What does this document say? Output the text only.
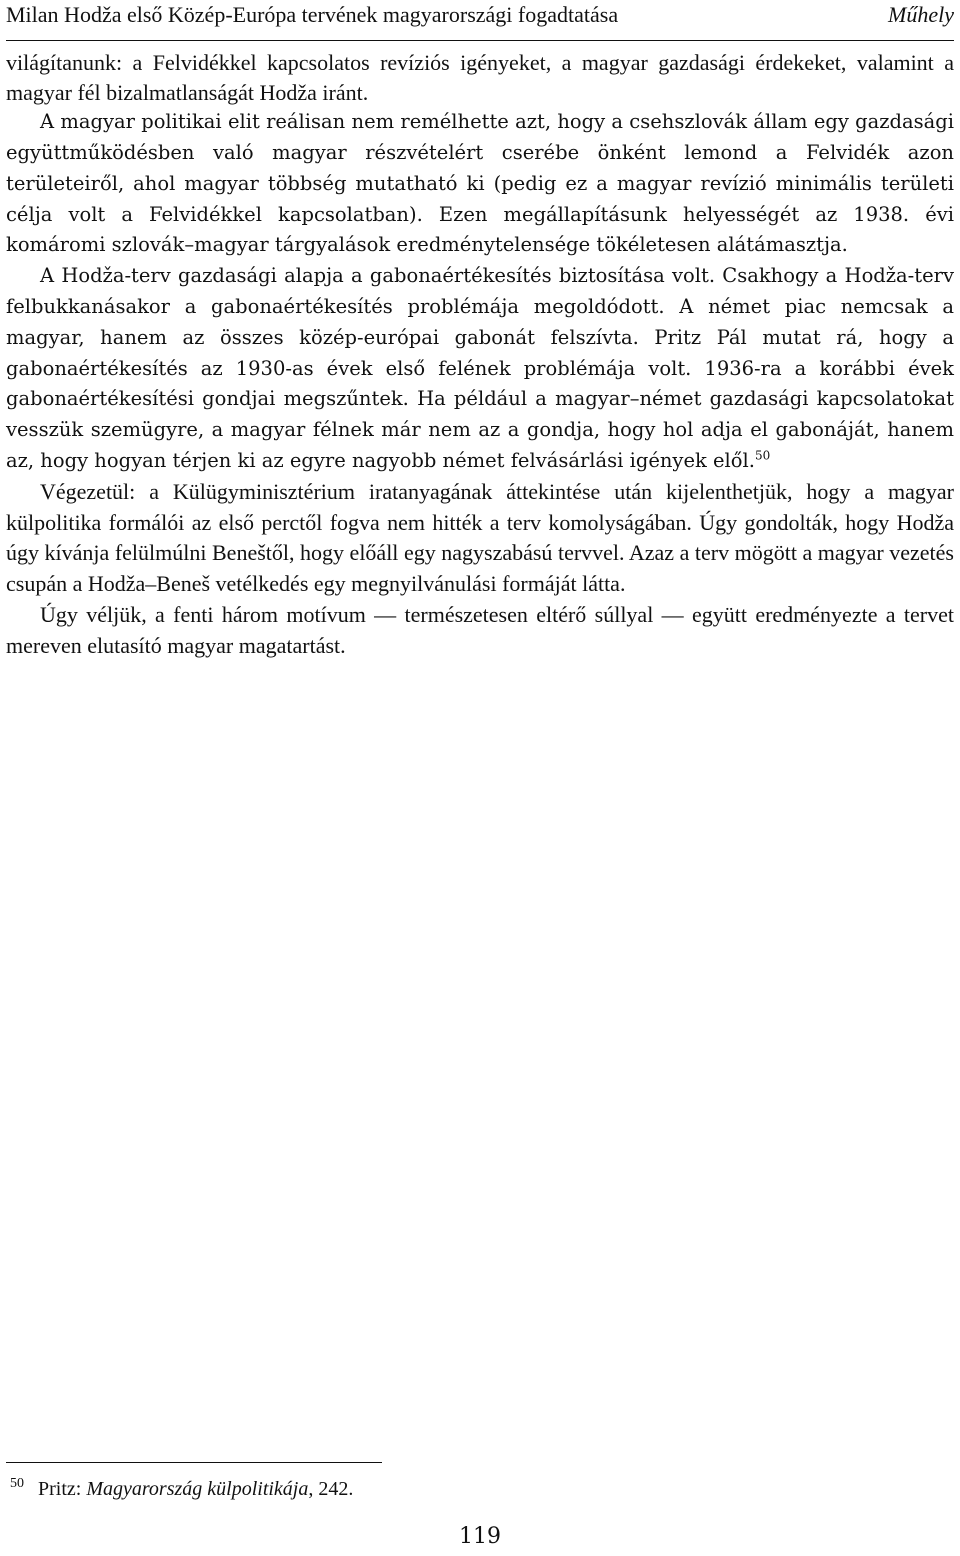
Milan Hodža első Közép-Európa tervének magyarországi fogadtatása	Műhely

világítanunk: a Felvidékkel kapcsolatos revíziós igényeket, a magyar gazdasági érdekeket, valamint a magyar fél bizalmatlanságát Hodža iránt.

A magyar politikai elit reálisan nem remélhette azt, hogy a csehszlovák állam egy gazdasági együttműködésben való magyar részvételért cserébe önként lemond a Felvidék azon területeiről, ahol magyar többség mutatható ki (pedig ez a magyar revízió minimális területi célja volt a Felvidékkel kapcsolatban). Ezen megállapításunk helyességét az 1938. évi komáromi szlovák–magyar tárgyalások eredménytelensége tökéletesen alátámasztja.

A Hodža-terv gazdasági alapja a gabonaértékesítés biztosítása volt. Csakhogy a Hodža-terv felbukkanásakor a gabonaértékesítés problémája megoldódott. A német piac nemcsak a magyar, hanem az összes közép-európai gabonát felszívta. Pritz Pál mutat rá, hogy a gabonaértékesítés az 1930-as évek első felének problémája volt. 1936-ra a korábbi évek gabonaértékesítési gondjai megszűntek. Ha például a magyar–német gazdasági kapcsolatokat vesszük szemügyre, a magyar félnek már nem az a gondja, hogy hol adja el gabonáját, hanem az, hogy hogyan térjen ki az egyre nagyobb német felvásárlási igények elől.$^{50}$

Végezetül: a Külügyminisztérium iratanyagának áttekintése után kijelenthetjük, hogy a magyar külpolitika formálói az első perctől fogva nem hitték a terv komolyságában. Úgy gondolták, hogy Hodža úgy kívánja felülmúlni Beneštől, hogy előáll egy nagyszabású tervvel. Azaz a terv mögött a magyar vezetés csupán a Hodža–Beneš vetélkedés egy megnyilvánulási formáját látta.

Úgy véljük, a fenti három motívum — természetesen eltérő súllyal — együtt eredményezte a tervet mereven elutasító magyar magatartást.

$^{50}$ Pritz: Magyarország külpolitikája, 242.
119
